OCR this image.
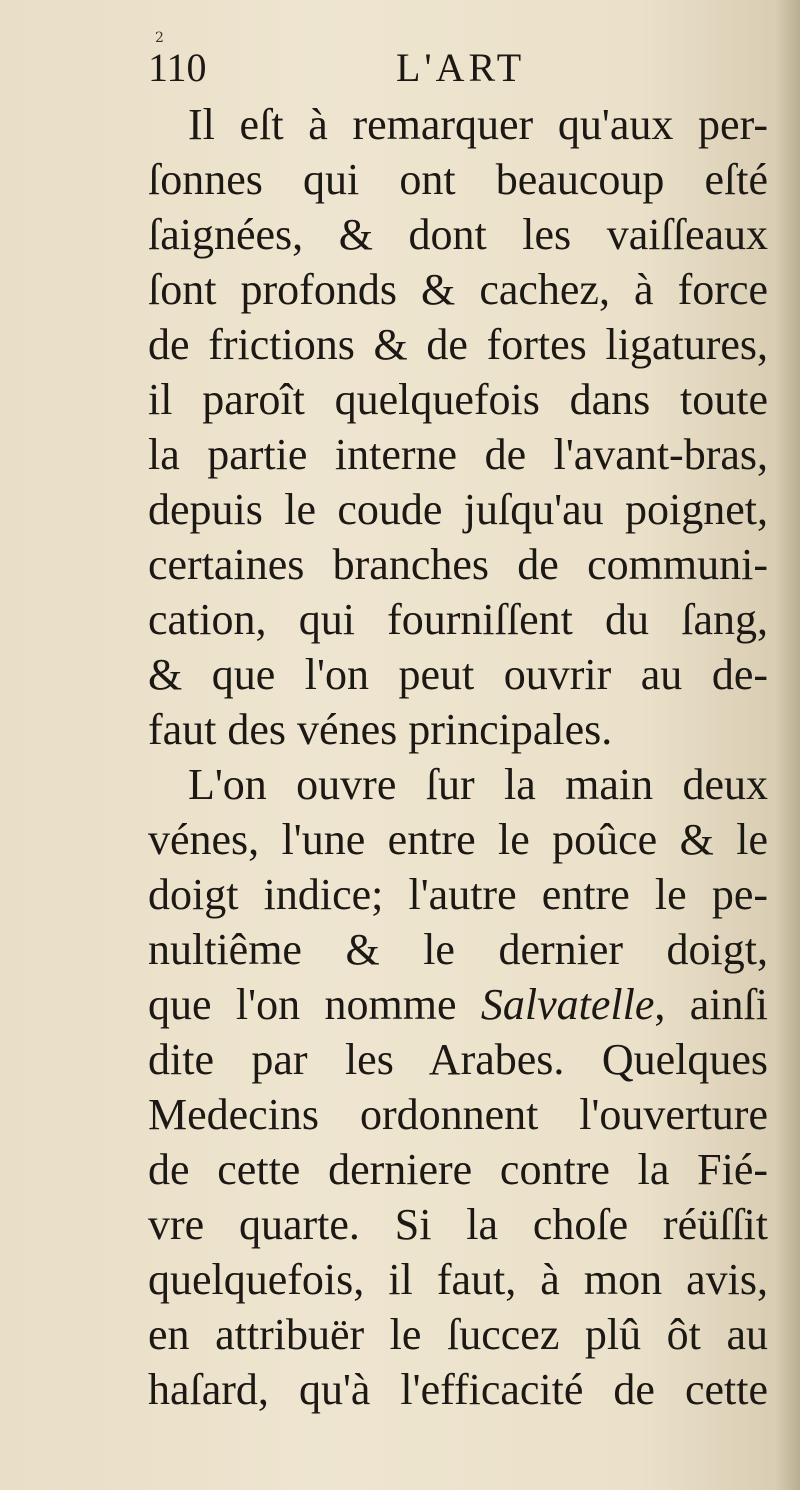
2
110	L'ART
Il eſt à remarquer qu'aux per-
ſonnes qui ont beaucoup eſté
ſaignées, & dont les vaiſſeaux
ſont profonds & cachez, à force
de frictions & de fortes ligatures,
il paroît quelquefois dans toute
la partie interne de l'avant-bras,
depuis le coude juſqu'au poignet,
certaines branches de communi-
cation, qui fourniſſent du ſang,
& que l'on peut ouvrir au de-
faut des vénes principales.
L'on ouvre ſur la main deux
vénes, l'une entre le poûce & le
doigt indice; l'autre entre le pe-
nultiême & le dernier doigt,
que l'on nomme Salvatelle, ainſi
dite par les Arabes. Quelques
Medecins ordonnent l'ouverture
de cette derniere contre la Fié-
vre quarte. Si la choſe réüſſit
quelquefois, il faut, à mon avis,
en attribuër le ſuccez plû ôt au
haſard, qu'à l'efficacité de cette
